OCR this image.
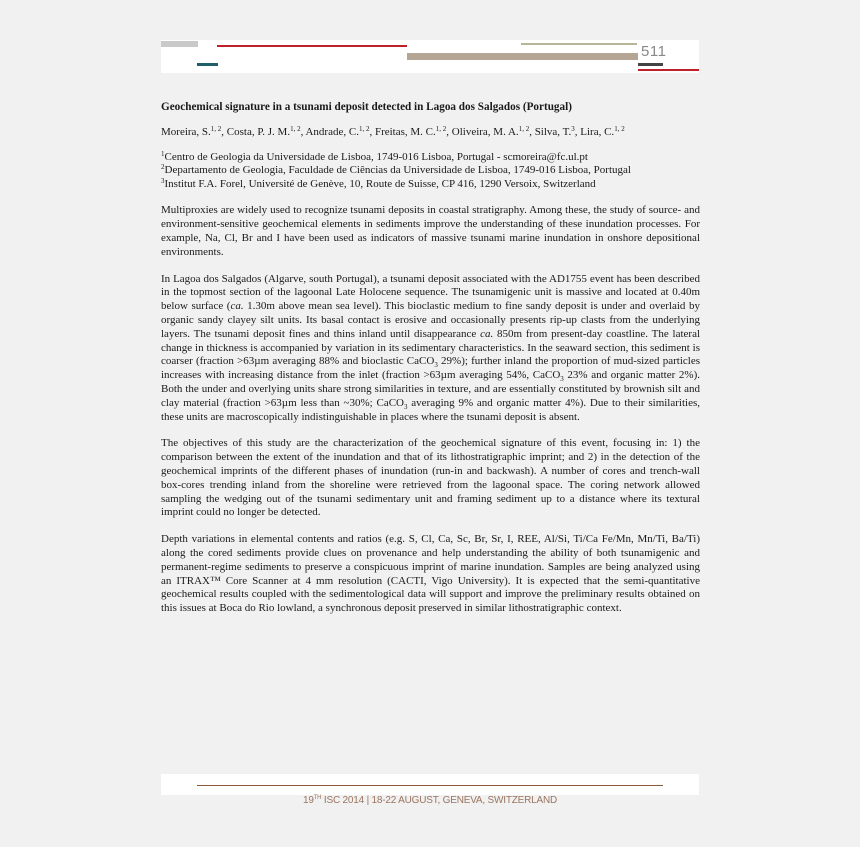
511
Geochemical signature in a tsunami deposit detected in Lagoa dos Salgados (Portugal)
Moreira, S.$^{1, 2}$, Costa, P. J. M.$^{1, 2}$, Andrade, C.$^{1, 2}$, Freitas, M. C.$^{1, 2}$, Oliveira, M. A.$^{1, 2}$, Silva, T.$^3$, Lira, C.$^{1, 2}$
$^1$Centro de Geologia da Universidade de Lisboa, 1749-016 Lisboa, Portugal - scmoreira@fc.ul.pt
$^2$Departamento de Geologia, Faculdade de Ciências da Universidade de Lisboa, 1749-016 Lisboa, Portugal
$^3$Institut F.A. Forel, Université de Genève, 10, Route de Suisse, CP 416, 1290 Versoix, Switzerland

Multiproxies are widely used to recognize tsunami deposits in coastal stratigraphy. Among these, the study of source- and environment-sensitive geochemical elements in sediments improve the understanding of these inundation processes. For example, Na, Cl, Br and I have been used as indicators of massive tsunami marine inundation in onshore depositional environments.

In Lagoa dos Salgados (Algarve, south Portugal), a tsunami deposit associated with the AD1755 event has been described in the topmost section of the lagoonal Late Holocene sequence. The tsunamigenic unit is massive and located at 0.40m below surface (ca. 1.30m above mean sea level). This bioclastic medium to fine sandy deposit is under and overlaid by organic sandy clayey silt units. Its basal contact is erosive and occasionally presents rip-up clasts from the underlying layers. The tsunami deposit fines and thins inland until disappearance ca. 850m from present-day coastline. The lateral change in thickness is accompanied by variation in its sedimentary characteristics. In the seaward section, this sediment is coarser (fraction >63µm averaging 88% and bioclastic CaCO$_3$ 29%); further inland the proportion of mud-sized particles increases with increasing distance from the inlet (fraction >63µm averaging 54%, CaCO$_3$ 23% and organic matter 2%). Both the under and overlying units share strong similarities in texture, and are essentially constituted by brownish silt and clay material (fraction >63µm less than ~30%; CaCO$_3$ averaging 9% and organic matter 4%). Due to their similarities, these units are macroscopically indistinguishable in places where the tsunami deposit is absent.

The objectives of this study are the characterization of the geochemical signature of this event, focusing in: 1) the comparison between the extent of the inundation and that of its lithostratigraphic imprint; and 2) in the detection of the geochemical imprints of the different phases of inundation (run-in and backwash). A number of cores and trench-wall box-cores trending inland from the shoreline were retrieved from the lagoonal space. The coring network allowed sampling the wedging out of the tsunami sedimentary unit and framing sediment up to a distance where its textural imprint could no longer be detected.

Depth variations in elemental contents and ratios (e.g. S, Cl, Ca, Sc, Br, Sr, I, REE, Al/Si, Ti/Ca Fe/Mn, Mn/Ti, Ba/Ti) along the cored sediments provide clues on provenance and help understanding the ability of both tsunamigenic and permanent-regime sediments to preserve a conspicuous imprint of marine inundation. Samples are being analyzed using an ITRAX™ Core Scanner at 4 mm resolution (CACTI, Vigo University). It is expected that the semi-quantitative geochemical results coupled with the sedimentological data will support and improve the preliminary results obtained on this issues at Boca do Rio lowland, a synchronous deposit preserved in similar lithostratigraphic context.

19TH ISC 2014 | 18-22 AUGUST, GENEVA, SWITZERLAND
